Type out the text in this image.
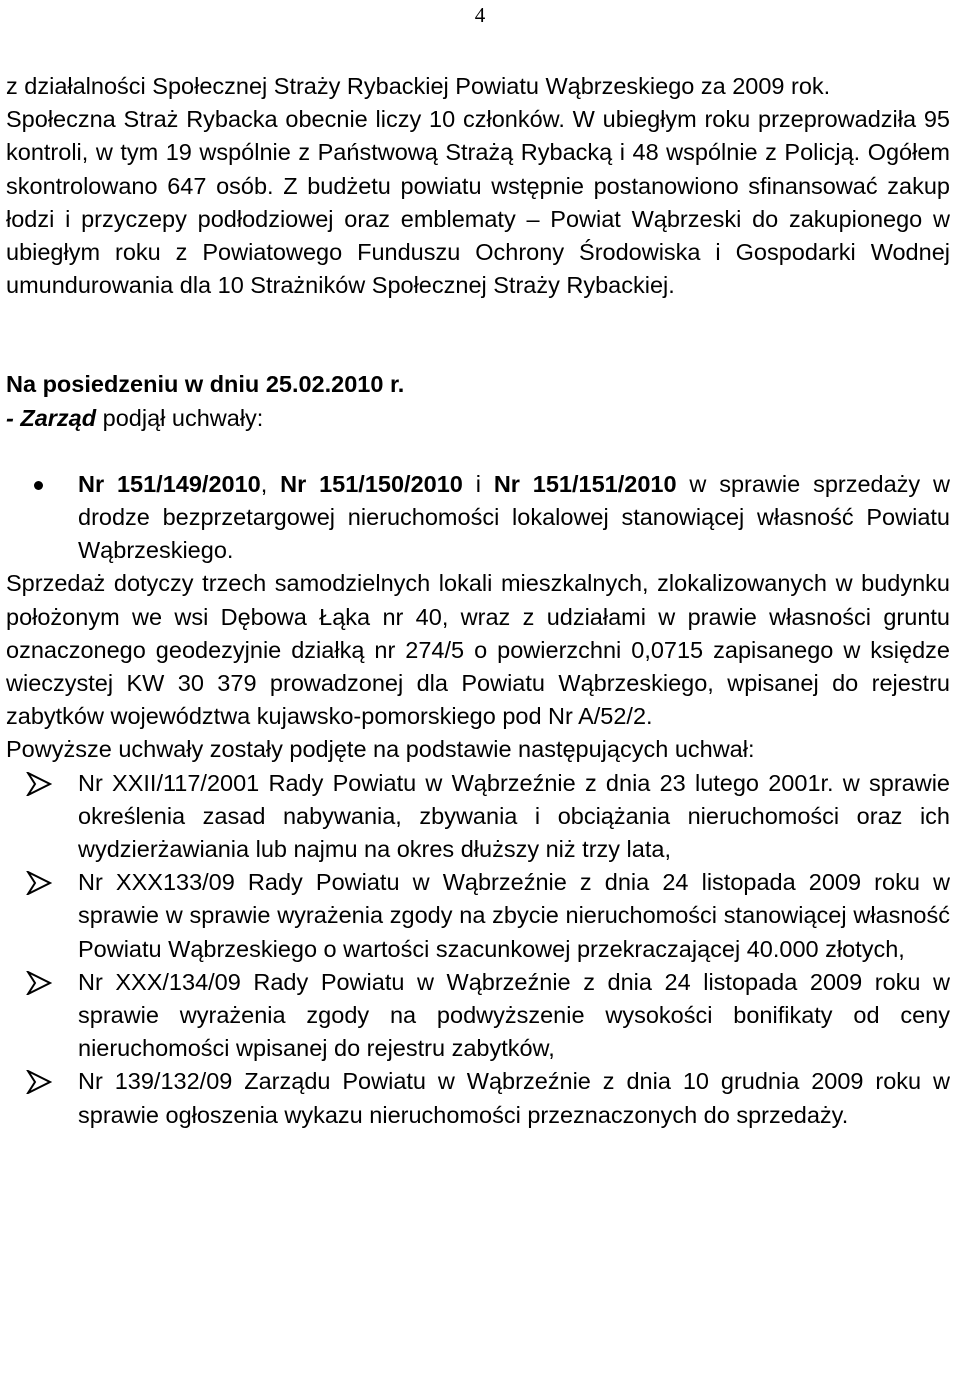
4

z działalności Społecznej Straży Rybackiej Powiatu Wąbrzeskiego za 2009 rok.

Społeczna Straż Rybacka obecnie liczy 10 członków. W ubiegłym roku przeprowadziła 95 kontroli, w tym 19 wspólnie z Państwową Strażą Rybacką i 48 wspólnie z Policją. Ogółem skontrolowano 647 osób. Z budżetu powiatu wstępnie postanowiono sfinansować zakup łodzi i przyczepy podłodziowej oraz emblematy – Powiat Wąbrzeski do zakupionego w ubiegłym roku z Powiatowego Funduszu Ochrony Środowiska i Gospodarki Wodnej umundurowania dla 10 Strażników Społecznej Straży Rybackiej.

Na posiedzeniu w dniu 25.02.2010 r.

- Zarząd podjął uchwały:

Nr 151/149/2010, Nr 151/150/2010 i Nr 151/151/2010 w sprawie sprzedaży w drodze bezprzetargowej nieruchomości lokalowej stanowiącej własność Powiatu Wąbrzeskiego.

Sprzedaż dotyczy trzech samodzielnych lokali mieszkalnych, zlokalizowanych w budynku położonym we wsi Dębowa Łąka nr 40, wraz z udziałami w prawie własności gruntu oznaczonego geodezyjnie działką nr 274/5 o powierzchni 0,0715 zapisanego w księdze wieczystej KW 30 379 prowadzonej dla Powiatu Wąbrzeskiego, wpisanej do rejestru zabytków województwa kujawsko-pomorskiego pod Nr A/52/2.

Powyższe uchwały zostały podjęte na podstawie następujących uchwał:

Nr XXII/117/2001 Rady Powiatu w Wąbrzeźnie z dnia 23 lutego 2001r. w sprawie określenia zasad nabywania, zbywania i obciążania nieruchomości oraz ich wydzierżawiania lub najmu na okres dłuższy niż trzy lata,
Nr XXX133/09 Rady Powiatu w Wąbrzeźnie z dnia 24 listopada 2009 roku w sprawie w sprawie wyrażenia zgody na zbycie nieruchomości stanowiącej własność Powiatu Wąbrzeskiego o wartości szacunkowej przekraczającej 40.000 złotych,
Nr XXX/134/09 Rady Powiatu w Wąbrzeźnie z dnia 24 listopada 2009 roku w sprawie wyrażenia zgody na podwyższenie wysokości bonifikaty od ceny nieruchomości wpisanej do rejestru zabytków,
Nr 139/132/09 Zarządu Powiatu w Wąbrzeźnie z dnia 10 grudnia 2009 roku w sprawie ogłoszenia wykazu nieruchomości przeznaczonych do sprzedaży.
